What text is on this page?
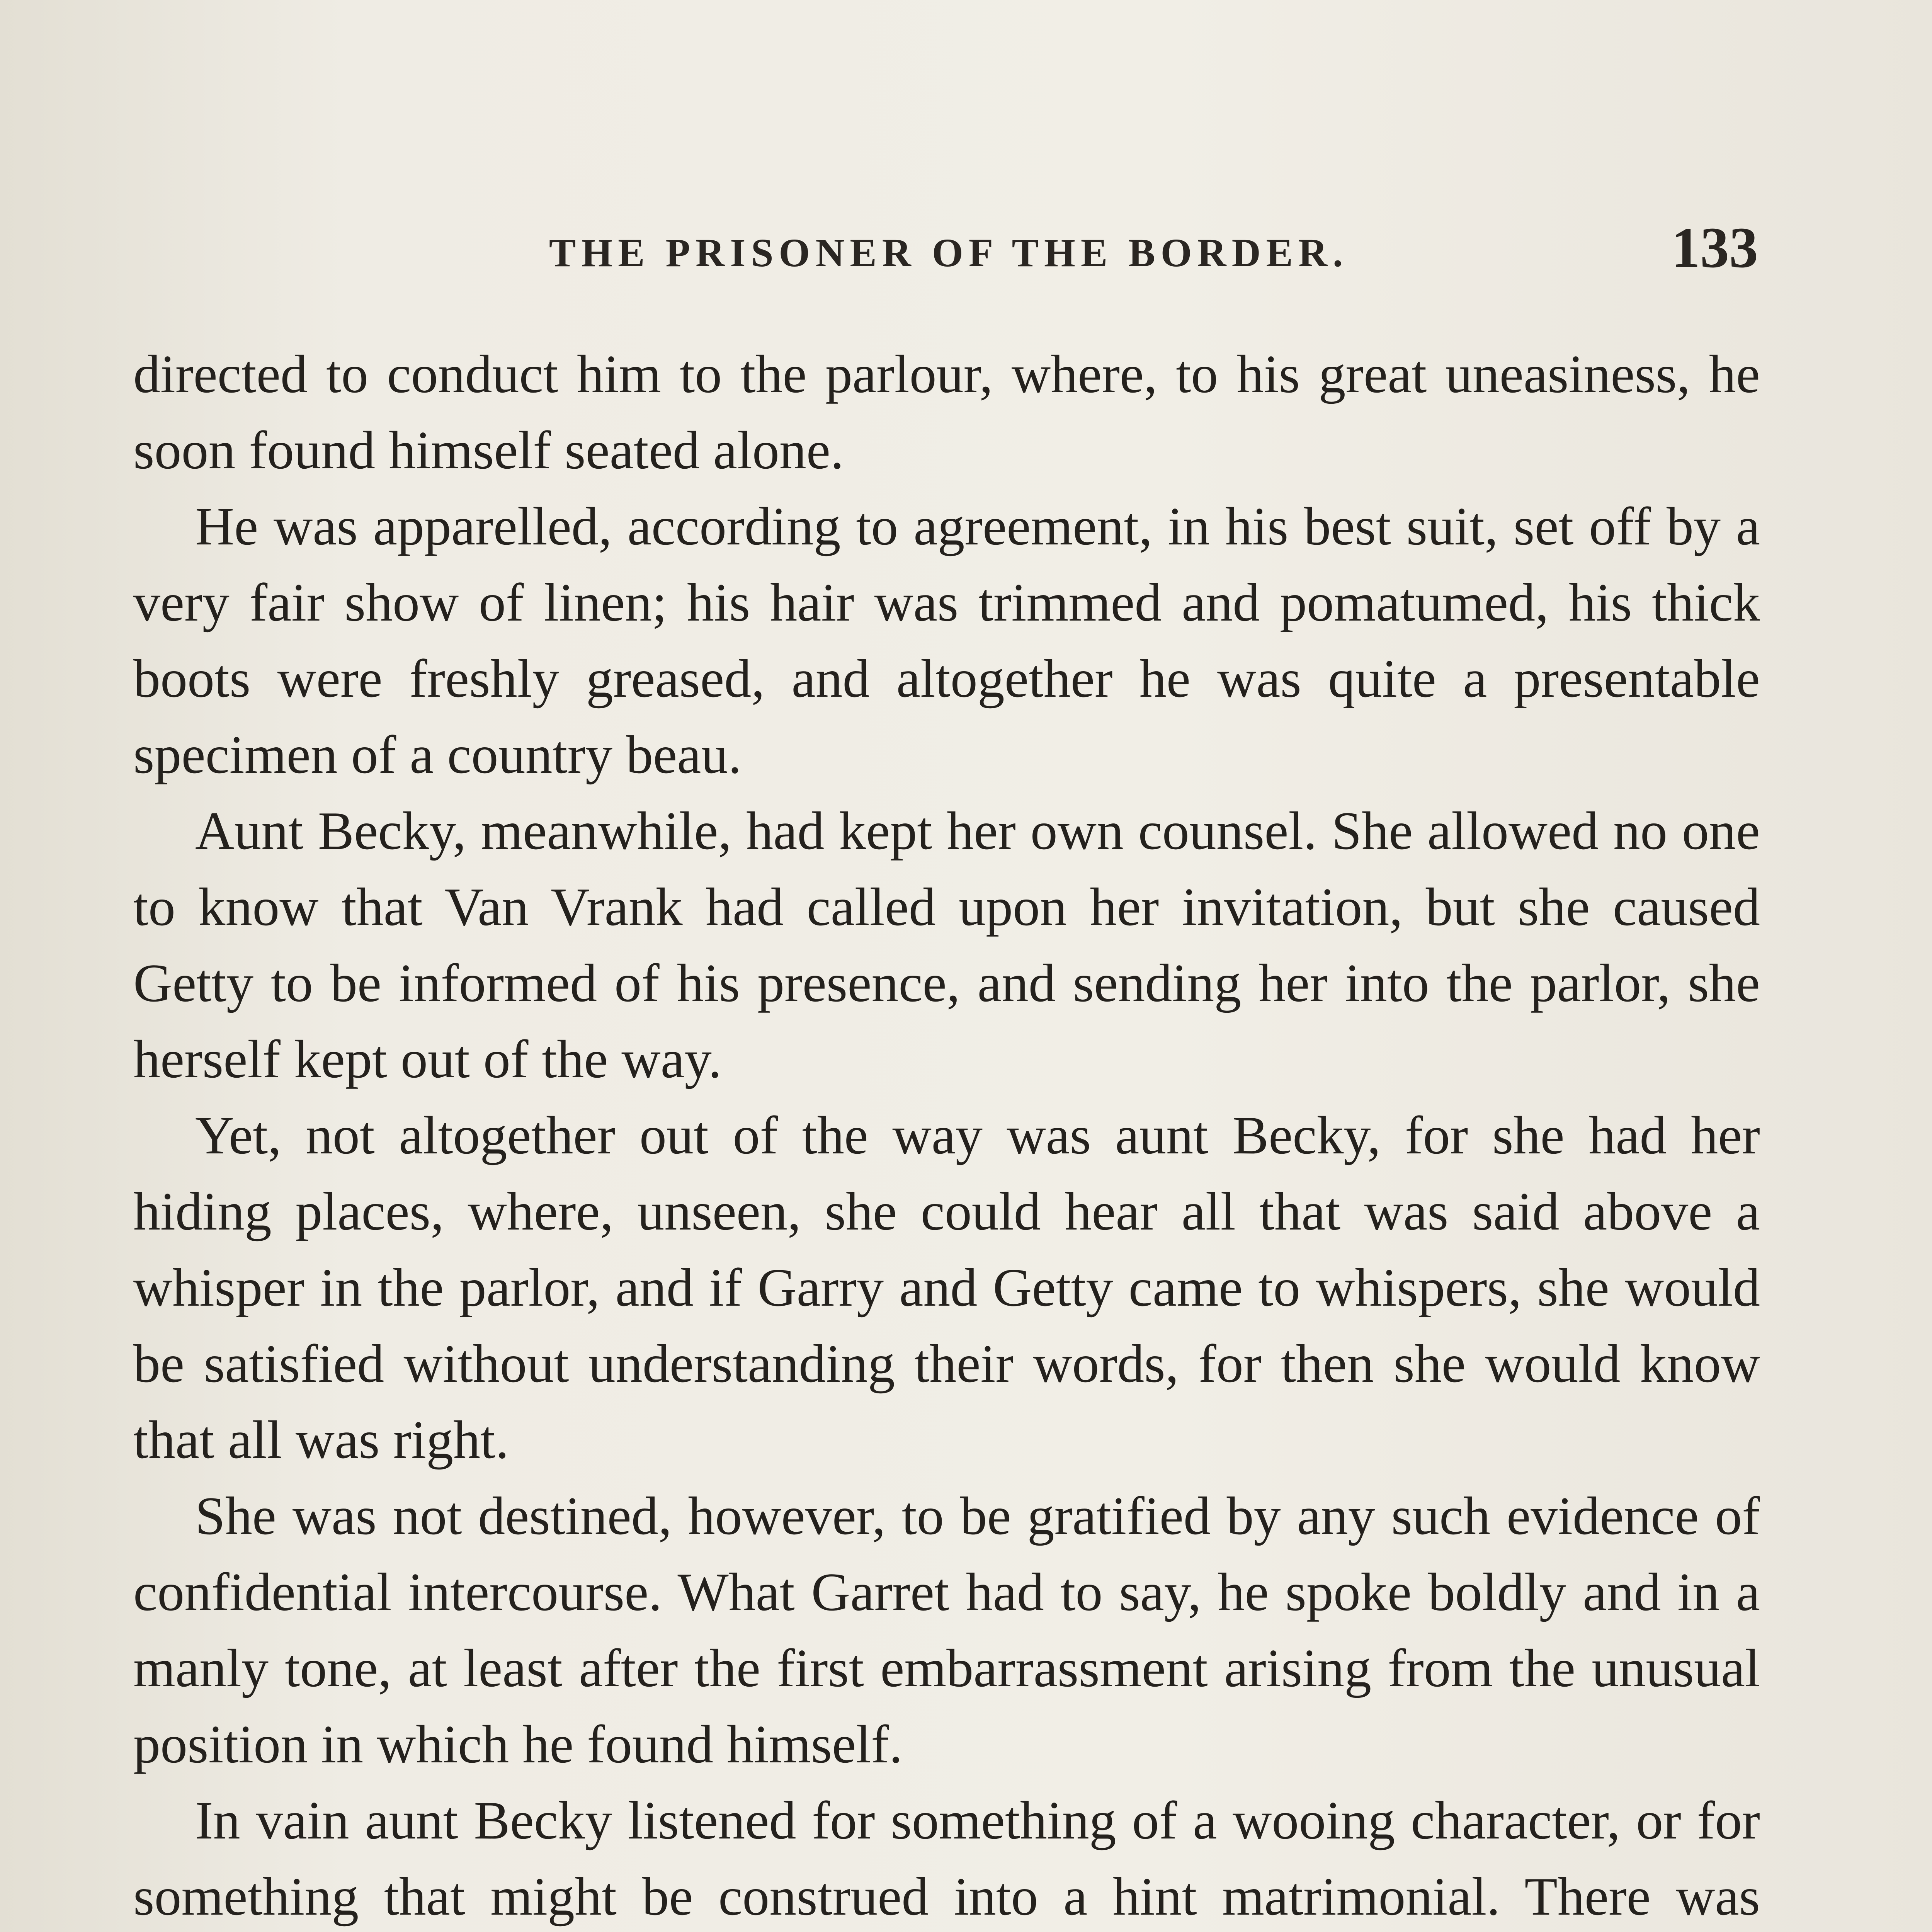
THE PRISONER OF THE BORDER.	133

directed to conduct him to the parlour, where, to his great uneasiness, he soon found himself seated alone.

He was apparelled, according to agreement, in his best suit, set off by a very fair show of linen; his hair was trimmed and pomatumed, his thick boots were freshly greased, and altogether he was quite a presentable specimen of a country beau.

Aunt Becky, meanwhile, had kept her own counsel. She allowed no one to know that Van Vrank had called upon her invitation, but she caused Getty to be informed of his presence, and sending her into the parlor, she herself kept out of the way.

Yet, not altogether out of the way was aunt Becky, for she had her hiding places, where, unseen, she could hear all that was said above a whisper in the parlor, and if Garry and Getty came to whispers, she would be satisfied without understanding their words, for then she would know that all was right.

She was not destined, however, to be gratified by any such evidence of confidential intercourse. What Garret had to say, he spoke boldly and in a manly tone, at least after the first embarrassment arising from the unusual position in which he found himself.

In vain aunt Becky listened for something of a wooing character, or for something that might be construed into a hint matrimonial. There was
